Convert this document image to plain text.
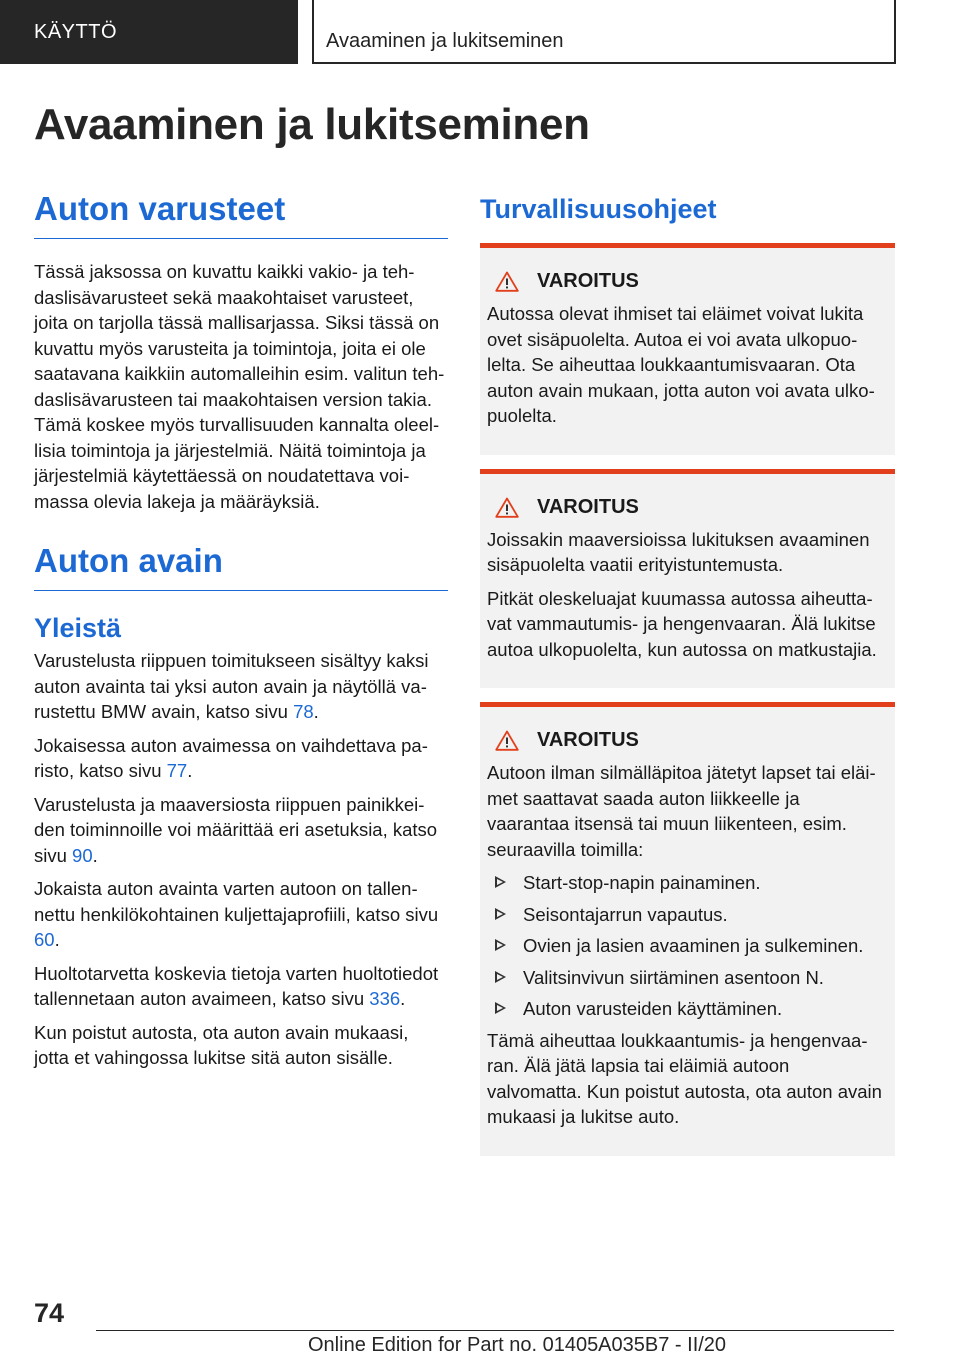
KÄYTTÖ	Avaaminen ja lukitseminen
Avaaminen ja lukitseminen
Auton varusteet

Tässä jaksossa on kuvattu kaikki vakio- ja tehdaslisävarusteet sekä maakohtaiset varusteet, joita on tarjolla tässä mallisarjassa. Siksi tässä on kuvattu myös varusteita ja toimintoja, joita ei ole saatavana kaikkiin automalleihin esim. valitun tehdaslisävarusteen tai maakohtaisen version takia. Tämä koskee myös turvallisuuden kannalta oleellisia toimintoja ja järjestelmiä. Näitä toimintoja ja järjestelmiä käytettäessä on noudatettava voimassa olevia lakeja ja määräyksiä.

Auton avain
Yleistä

Varustelusta riippuen toimitukseen sisältyy kaksi auton avainta tai yksi auton avain ja näytöllä varustettu BMW avain, katso sivu 78.

Jokaisessa auton avaimessa on vaihdettava paristo, katso sivu 77.

Varustelusta ja maaversiosta riippuen painikkeiden toiminnoille voi määrittää eri asetuksia, katso sivu 90.

Jokaista auton avainta varten autoon on tallennettu henkilökohtainen kuljettajaprofiili, katso sivu 60.

Huoltotarvetta koskevia tietoja varten huoltotiedot tallennetaan auton avaimeen, katso sivu 336.

Kun poistut autosta, ota auton avain mukaasi, jotta et vahingossa lukitse sitä auton sisälle.

Turvallisuusohjeet
VAROITUS

Autossa olevat ihmiset tai eläimet voivat lukita ovet sisäpuolelta. Autoa ei voi avata ulkopuolelta. Se aiheuttaa loukkaantumisvaaran. Ota auton avain mukaan, jotta auton voi avata ulkopuolelta.

VAROITUS

Joissakin maaversioissa lukituksen avaaminen sisäpuolelta vaatii erityistuntemusta.

Pitkät oleskeluajat kuumassa autossa aiheuttavat vammautumis- ja hengenvaaran. Älä lukitse autoa ulkopuolelta, kun autossa on matkustajia.

VAROITUS

Autoon ilman silmälläpitoa jätetyt lapset tai eläimet saattavat saada auton liikkeelle ja vaarantaa itsensä tai muun liikenteen, esim. seuraavilla toimilla:

Start-stop-napin painaminen.
Seisontajarrun vapautus.
Ovien ja lasien avaaminen ja sulkeminen.
Valitsinvivun siirtäminen asentoon N.
Auton varusteiden käyttäminen.

Tämä aiheuttaa loukkaantumis- ja hengenvaaran. Älä jätä lapsia tai eläimiä autoon valvomatta. Kun poistut autosta, ota auton avain mukaasi ja lukitse auto.

74
Online Edition for Part no. 01405A035B7 - II/20
